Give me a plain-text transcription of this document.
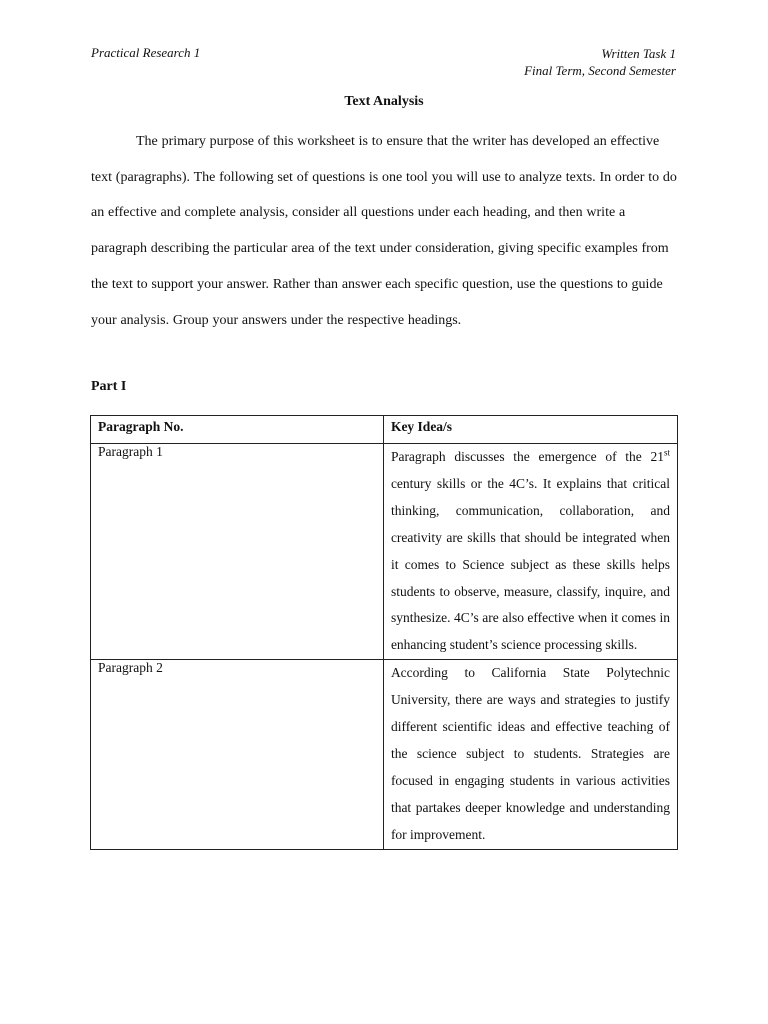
Practical Research 1	Written Task 1
Final Term, Second Semester
Text Analysis

The primary purpose of this worksheet is to ensure that the writer has developed an effective text (paragraphs). The following set of questions is one tool you will use to analyze texts. In order to do an effective and complete analysis, consider all questions under each heading, and then write a paragraph describing the particular area of the text under consideration, giving specific examples from the text to support your answer. Rather than answer each specific question, use the questions to guide your analysis. Group your answers under the respective headings.

Part I
Paragraph No.	Key Idea/s
Paragraph 1	Paragraph discusses the emergence of the 21st century skills or the 4C’s. It explains that critical thinking, communication, collaboration, and creativity are skills that should be integrated when it comes to Science subject as these skills helps students to observe, measure, classify, inquire, and synthesize. 4C’s are also effective when it comes in enhancing student’s science processing skills.
Paragraph 2	According to California State Polytechnic University, there are ways and strategies to justify different scientific ideas and effective teaching of the science subject to students. Strategies are focused in engaging students in various activities that partakes deeper knowledge and understanding for improvement.
